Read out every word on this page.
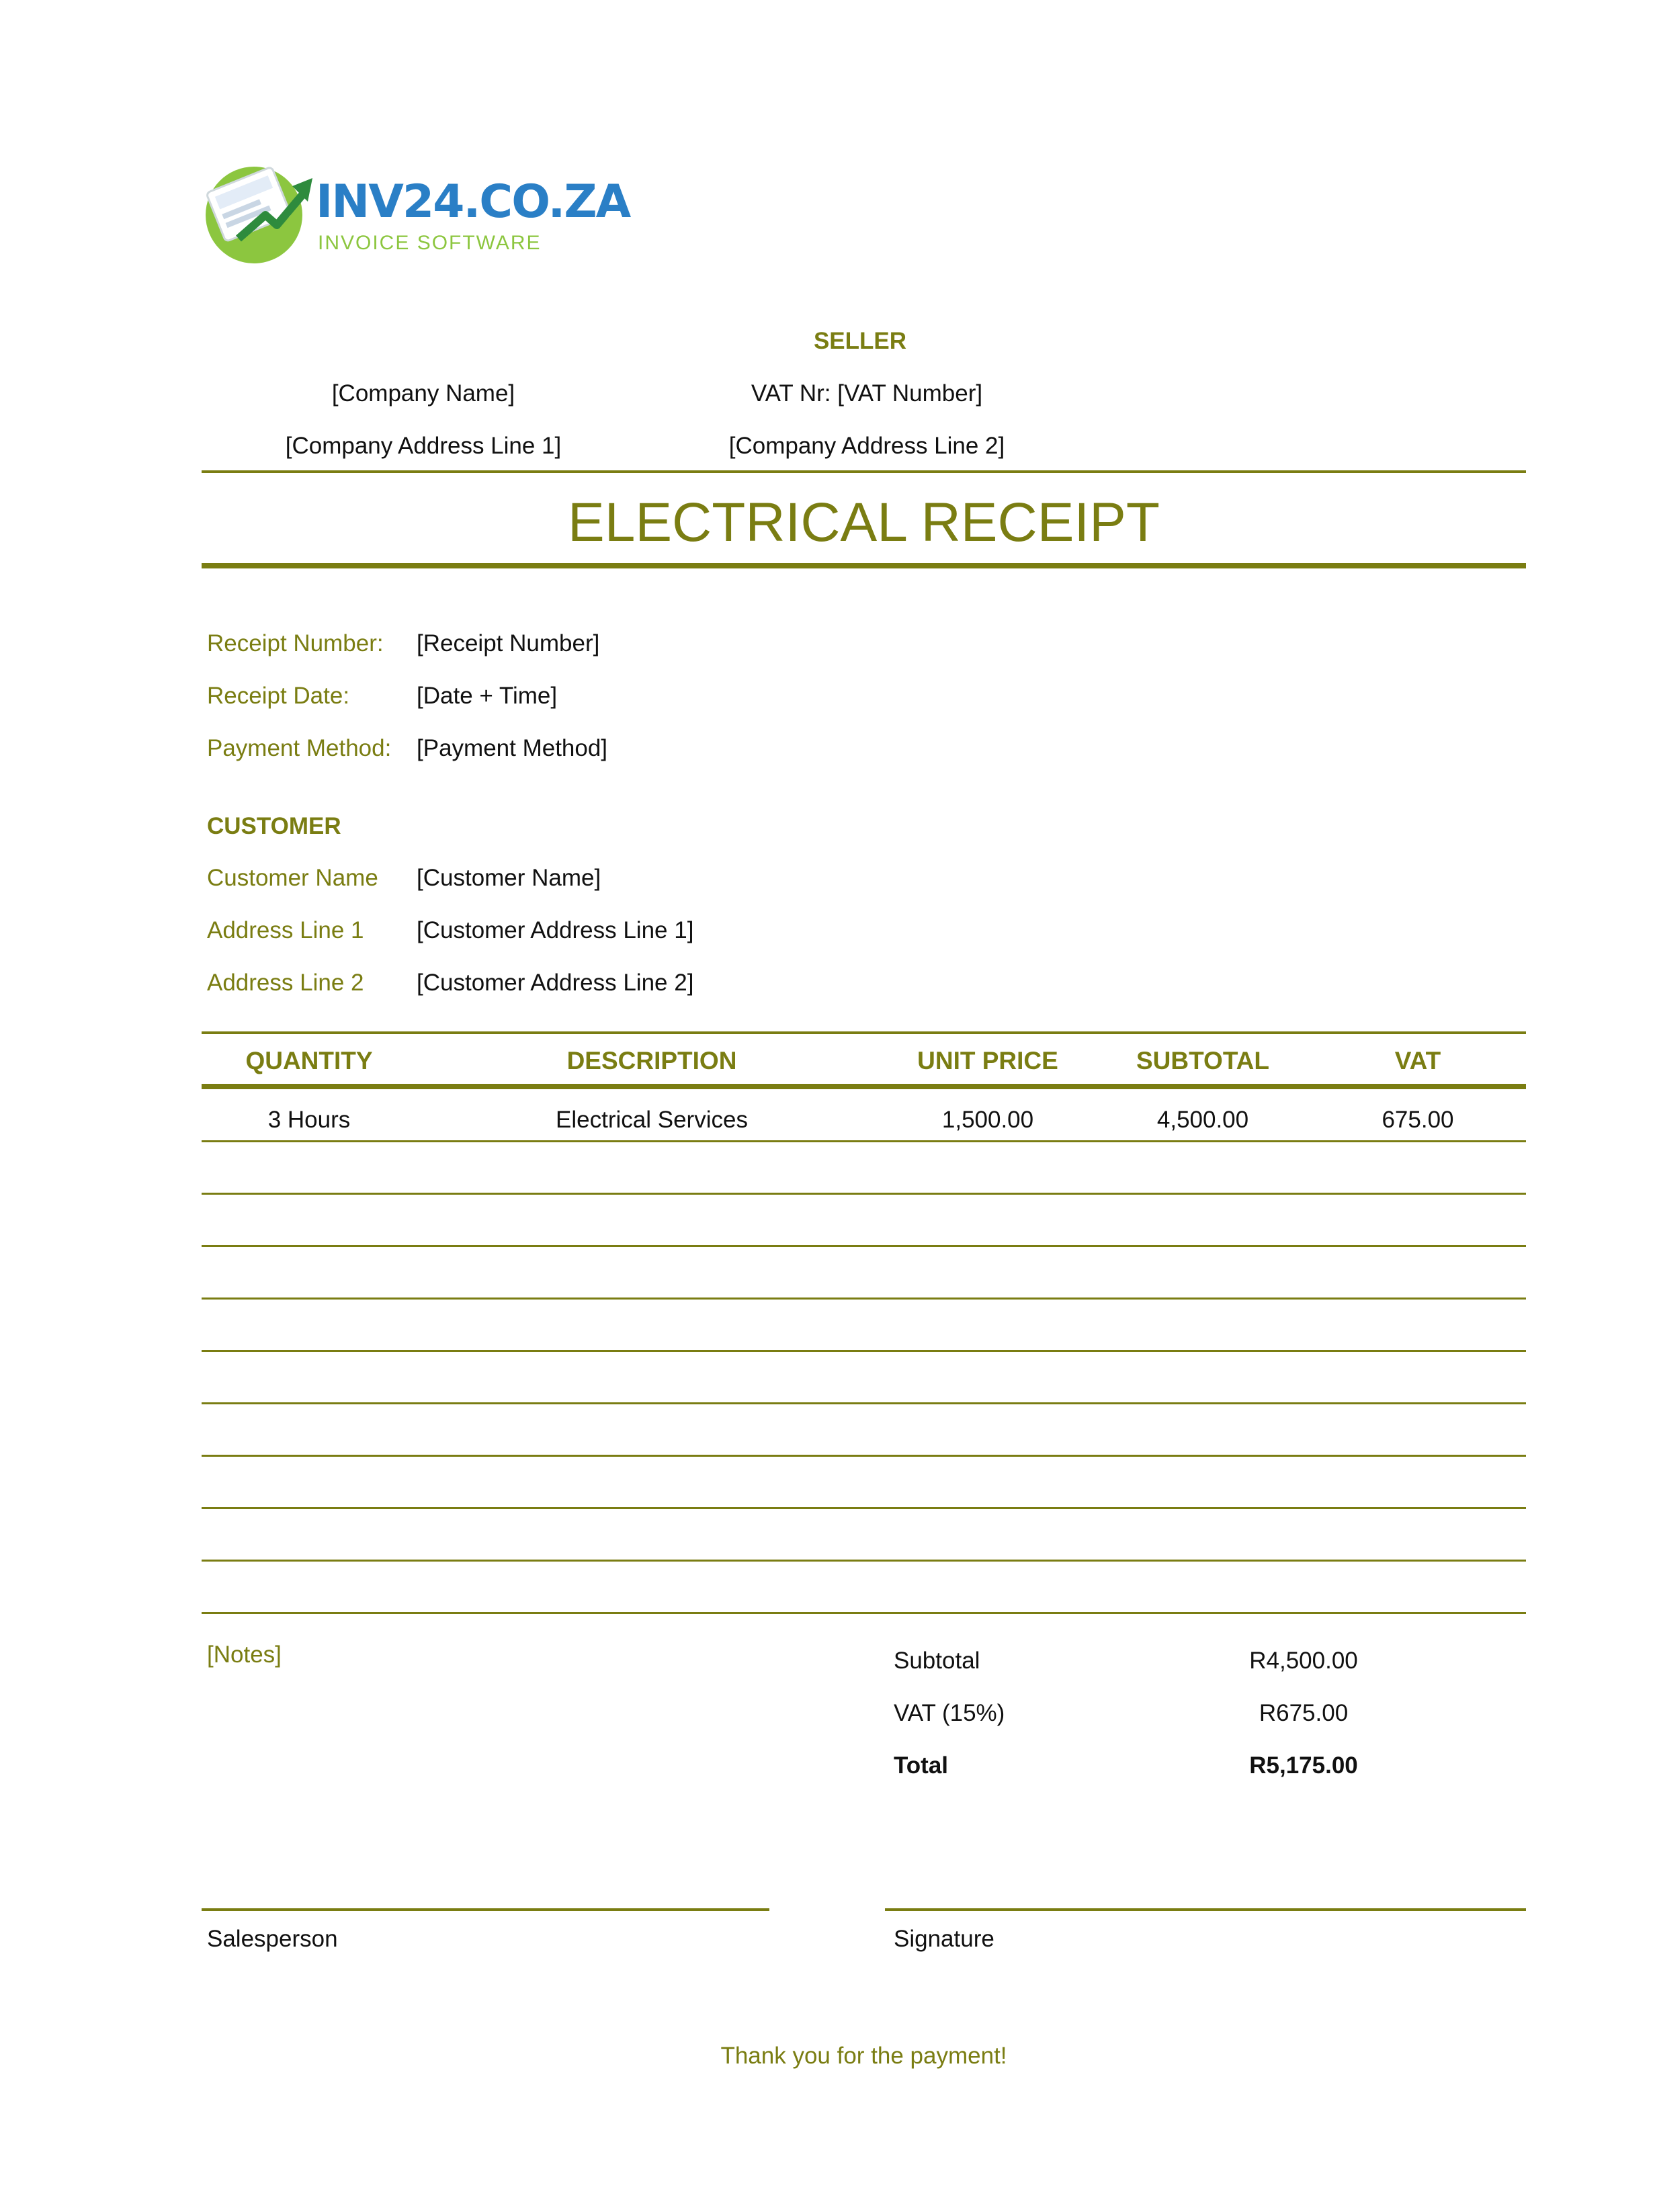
INV24.CO.ZA
INVOICE SOFTWARE
SELLER
[Company Name]	VAT Nr: [VAT Number]
[Company Address Line 1]	[Company Address Line 2]
ELECTRICAL RECEIPT
Receipt Number: [Receipt Number]
Receipt Date:	[Date + Time]
Payment Method: [Payment Method]
CUSTOMER
Customer Name [Customer Name]
Address Line 1 [Customer Address Line 1]
Address Line 2 [Customer Address Line 2]
QUANTITY	DESCRIPTION	UNIT PRICE	SUBTOTAL	VAT
3 Hours	Electrical Services	1,500.00	4,500.00	675.00
[Notes]	Subtotal	R4,500.00
VAT (15%)	R675.00
Total	R5,175.00
Salesperson	Signature
Thank you for the payment!
